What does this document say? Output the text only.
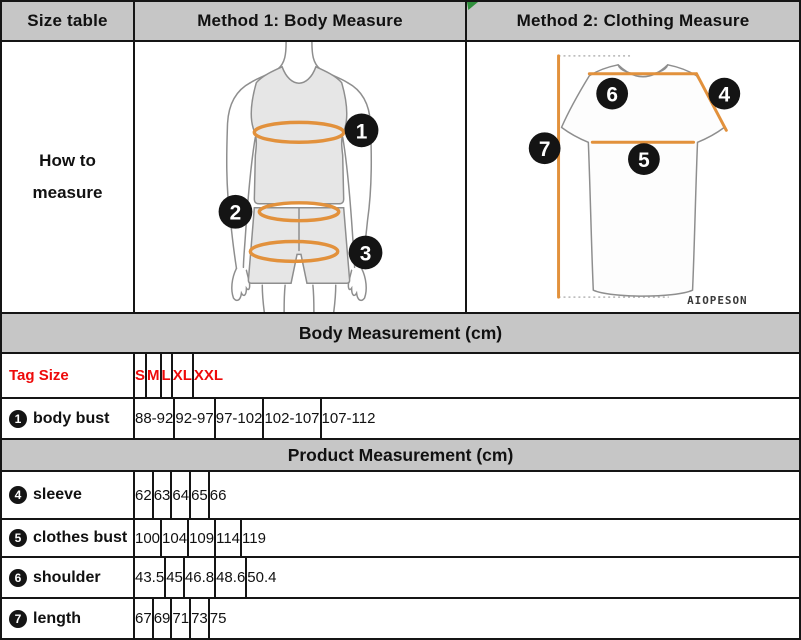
Size table	Method 1: Body Measure	Method 2: Clothing Measure
How to
measure
1
2
3
6	4
7	5
AIOPESON
Body Measurement (cm)
Tag Size	S M L XL XXL
1 body bust 88-92 92-97 97-102 102-107 107-112
Product Measurement (cm)
4 sleeve	62 63 64 65 66
5 clothes bust 100 104 109 114 119
6 shoulder 43.5 45 46.8 48.6 50.4
7 length	67 69 71 73 75
